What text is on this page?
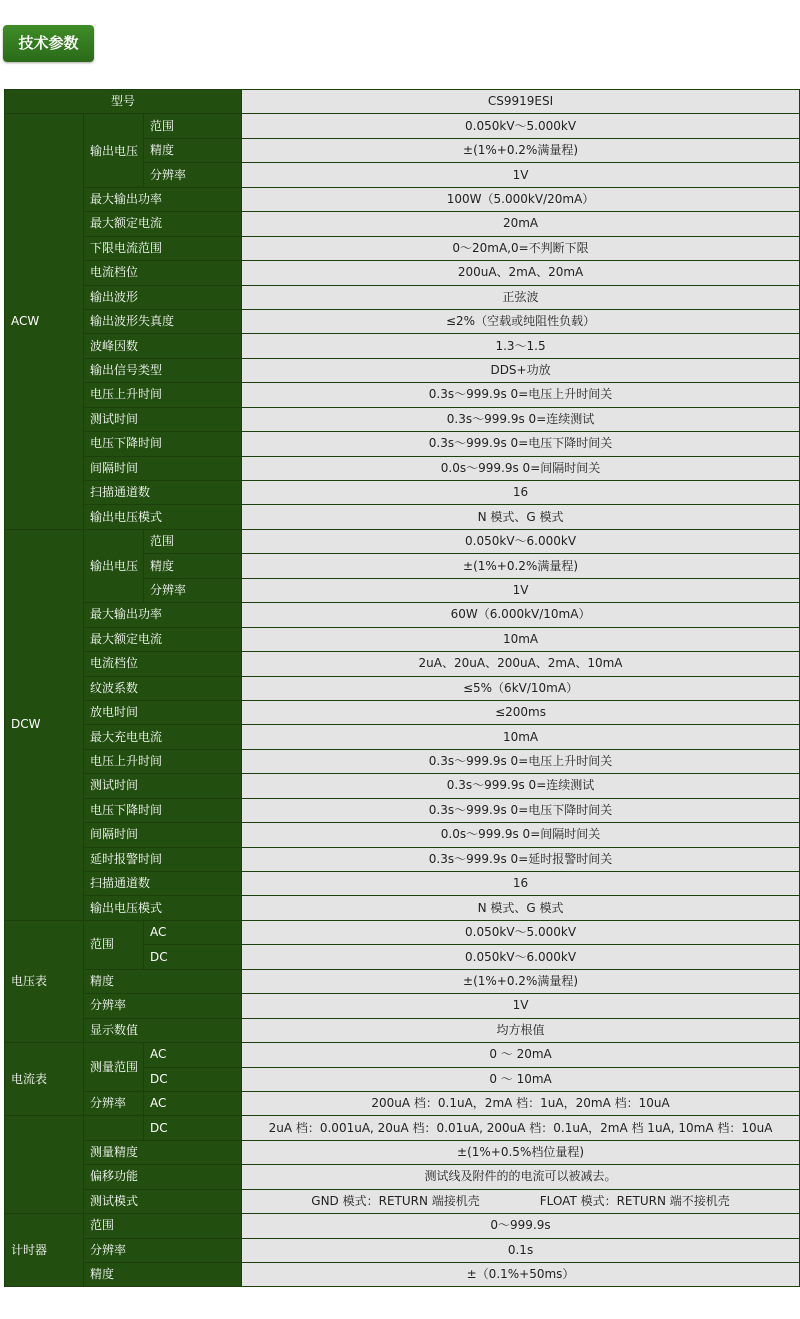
技术参数
型号			CS9919ESI
ACW	输出电压	范围	0.050kV～5.000kV
		精度	±(1%+0.2%满量程)
		分辨率	1V
	最大输出功率		100W（5.000kV/20mA）
	最大额定电流		20mA
	下限电流范围		0～20mA,0=不判断下限
	电流档位		200uA、2mA、20mA
	输出波形		正弦波
	输出波形失真度		≤2%（空载或纯阻性负载）
	波峰因数		1.3～1.5
	输出信号类型		DDS+功放
	电压上升时间		0.3s～999.9s 0=电压上升时间关
	测试时间		0.3s～999.9s 0=连续测试
	电压下降时间		0.3s～999.9s 0=电压下降时间关
	间隔时间		0.0s～999.9s 0=间隔时间关
	扫描通道数		16
	输出电压模式		N 模式、G 模式
DCW	输出电压	范围	0.050kV～6.000kV
		精度	±(1%+0.2%满量程)
		分辨率	1V
	最大输出功率		60W（6.000kV/10mA）
	最大额定电流		10mA
	电流档位		2uA、20uA、200uA、2mA、10mA
	纹波系数		≤5%（6kV/10mA）
	放电时间		≤200ms
	最大充电电流		10mA
	电压上升时间		0.3s～999.9s 0=电压上升时间关
	测试时间		0.3s～999.9s 0=连续测试
	电压下降时间		0.3s～999.9s 0=电压下降时间关
	间隔时间		0.0s～999.9s 0=间隔时间关
	延时报警时间		0.3s～999.9s 0=延时报警时间关
	扫描通道数		16
	输出电压模式		N 模式、G 模式
电压表	范围	AC	0.050kV～5.000kV
		DC	0.050kV～6.000kV
	精度		±(1%+0.2%满量程)
	分辨率		1V
	显示数值		均方根值
电流表	测量范围	AC	0 ～ 20mA
		DC	0 ～ 10mA
	分辨率	AC	200uA 档：0.1uA，2mA 档：1uA，20mA 档：10uA
		DC	2uA 档：0.001uA, 20uA 档：0.01uA, 200uA 档：0.1uA，2mA 档 1uA, 10mA 档：10uA
	测量精度		±(1%+0.5%档位量程)
	偏移功能		测试线及附件的的电流可以被减去。
	测试模式		GND 模式：RETURN 端接机壳 FLOAT 模式：RETURN 端不接机壳
计时器	范围		0～999.9s
	分辨率		0.1s
	精度		±（0.1%+50ms）
